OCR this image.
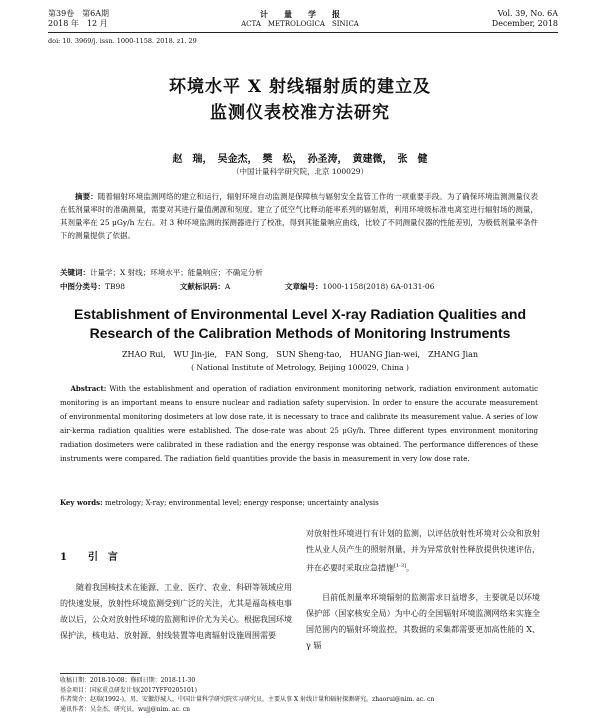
第39卷　第6A期
2018 年　12 月
计　　量　　学　　报
ACTA　METROLOGICA　SINICA
Vol. 39, No. 6A
December, 2018
doi: 10. 3969/j. issn. 1000-1158. 2018. z1. 29
环境水平 X 射线辐射质的建立及
监测仪表校准方法研究
赵　瑞，　吴金杰，　樊　松，　孙圣涛，　黄建微，　张　健
（中国计量科学研究院，北京 100029）
摘要：随着辐射环境监测网络的建立和运行，辐射环境自动监测是保障核与辐射安全监管工作的一项重要手段。为了确保环境监测测量仪表在低剂量率时的准确测量，需要对其进行量值溯源和刻度。建立了低空气比释动能率系列的辐射质，利用环境级标准电离室进行辐射场的测量，其剂量率在 25 μGy/h 左右。对 3 种环境监测的探测器进行了校准，得到其能量响应曲线，比较了不同测量仪器的性能差别，为极低剂量率条件下的测量提供了依据。
关键词：计量学；X 射线；环境水平；能量响应；不确定分析
中图分类号：TB98	文献标识码：A	文章编号：1000-1158(2018) 6A-0131-06
Establishment of Environmental Level X-ray Radiation Qualities and
Research of the Calibration Methods of Monitoring Instruments
ZHAO Rui,　WU Jin-jie,　FAN Song,　SUN Sheng-tao,　HUANG Jian-wei,　ZHANG Jian
( National Institute of Metrology, Beijing 100029, China )
Abstract: With the establishment and operation of radiation environment monitoring network, radiation environment automatic monitoring is an important means to ensure nuclear and radiation safety supervision. In order to ensure the accurate measurement of environmental monitoring dosimeters at low dose rate, it is necessary to trace and calibrate its measurement value. A series of low air-kerma radiation qualities were established. The dose-rate was about 25 μGy/h. Three different types environment monitoring radiation dosimeters were calibrated in these radiation and the energy response was obtained. The performance differences of these instruments were compared. The radiation field quantities provide the basis in measurement in very low dose rate.
Key words: metrology; X-ray; environmental level; energy response; uncertainty analysis
1 引　言
随着我国核技术在能源、工业、医疗、农业、科研等领域应用的快速发展，放射性环境监测受到广泛的关注，尤其是福岛核电事故以后，公众对放射性环境的监测和评价尤为关心。根据我国环境保护法，核电站、放射源、射线装置等电离辐射设施周围需要
对放射性环境进行有计划的监测，以评估放射性环境对公众和放射性从业人员产生的照射剂量，并为异常放射性释放提供快速评估，并在必要时采取应急措施[1-3]。
目前低剂量率环境辐射的监测需求日益增多，主要就是以环境保护部（国家核安全局）为中心的全国辐射环境监测网络来实施全国范围内的辐射环境监控，其数据的采集都需要更加高性能的 X、γ 辐
收稿日期：2018-10-08；修回日期：2018-11-30
基金项目：国家重点研发计划(2017YFF0205101)
作者简介：赵瑞(1992-)，男，安徽舒城人，中国计量科学研究院实习研究员，主要从事 X 射线计量和辐射探测研究。zhaorui@nim. ac. cn
通讯作者：吴金杰，研究员，wujj@nim. ac. cn
